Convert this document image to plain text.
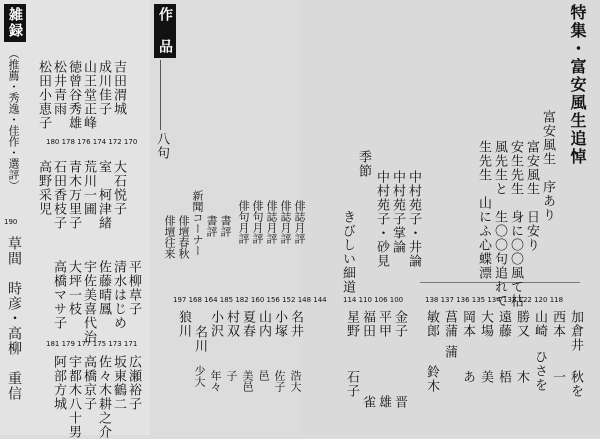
雑録
（推薦・秀逸・佳作・選評） 松田小恵子 松井青雨 徳曾谷秀雄 山王堂正峰 成川佳子 吉田渭城
180 178 176 174 172 170
高野采児 石田香枝子 青木万里子 荒川一圃 室　柯津緒 大石悦子
高橋マサ子 大坪一枝 宇佐美喜代治 佐藤晴鳳 清水はじめ 平柳草子
181 179 177 175 173 171
阿部方城 宇都木八十男 高橋京子 佐々木耕之介 坂東鶴二 広瀬裕子
190
草間　時彦・高柳　重信
作　品
八句
新聞コーナー 書評 書評
俳壇春秋
俳壇往来	俳句月評 俳句月評 俳誌月評 俳誌月評 俳誌月評
197 168 164 185 182 160 156 152 148 144
狼川
名川
小沢 村双 夏春 山内 小塚 名井
少大 年々 子 美邑 邑 佐子 浩大
季節
きびしい細道 中村苑子・砂見 中村苑子掌論 中村苑子・井論
114 110 106 100
星野 福田 平甲 金子
石子
雀 雄 晋
特集・富安風生追悼
富安風生　序あり
富安風生　日安り
安生先生　身に〇〇風て枯
風先生と　生〇〇句追れて
生先生　山にふ心蝶漂
138 137 136 135 134 133 122 120 118
敏郎 菖蒲 岡本 大場 遠藤 勝又 山崎 西本 加倉井
鈴木
蒲
あ 美 梧 木 ひさを 一 秋を
